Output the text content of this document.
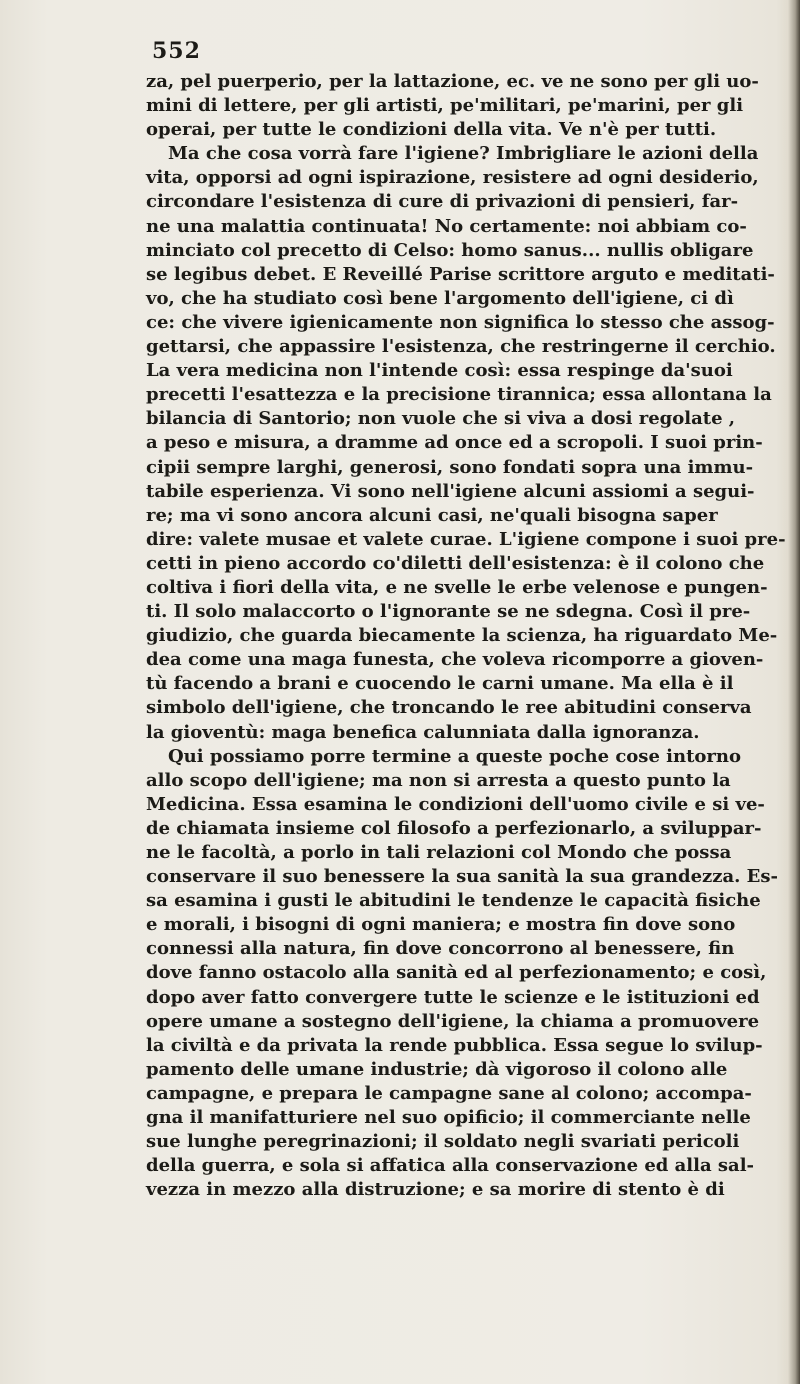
552
za, pel puerperio, per la lattazione, ec. ve ne sono per gli uo-
mini di lettere, per gli artisti, pe'militari, pe'marini, per gli
operai, per tutte le condizioni della vita. Ve n'è per tutti.
Ma che cosa vorrà fare l'igiene? Imbrigliare le azioni della
vita, opporsi ad ogni ispirazione, resistere ad ogni desiderio,
circondare l'esistenza di cure di privazioni di pensieri, far-
ne una malattia continuata! No certamente: noi abbiam co-
minciato col precetto di Celso: homo sanus... nullis obligare
se legibus debet. E Reveillé Parise scrittore arguto e meditati-
vo, che ha studiato così bene l'argomento dell'igiene, ci dì
ce: che vivere igienicamente non significa lo stesso che assog-
gettarsi, che appassire l'esistenza, che restringerne il cerchio.
La vera medicina non l'intende così: essa respinge da'suoi
precetti l'esattezza e la precisione tirannica; essa allontana la
bilancia di Santorio; non vuole che si viva a dosi regolate ,
a peso e misura, a dramme ad once ed a scropoli. I suoi prin-
cipii sempre larghi, generosi, sono fondati sopra una immu-
tabile esperienza. Vi sono nell'igiene alcuni assiomi a segui-
re; ma vi sono ancora alcuni casi, ne'quali bisogna saper
dire: valete musae et valete curae. L'igiene compone i suoi pre-
cetti in pieno accordo co'diletti dell'esistenza: è il colono che
coltiva i fiori della vita, e ne svelle le erbe velenose e pungen-
ti. Il solo malaccorto o l'ignorante se ne sdegna. Così il pre-
giudizio, che guarda biecamente la scienza, ha riguardato Me-
dea come una maga funesta, che voleva ricomporre a gioven-
tù facendo a brani e cuocendo le carni umane. Ma ella è il
simbolo dell'igiene, che troncando le ree abitudini conserva
la gioventù: maga benefica calunniata dalla ignoranza.
Qui possiamo porre termine a queste poche cose intorno
allo scopo dell'igiene; ma non si arresta a questo punto la
Medicina. Essa esamina le condizioni dell'uomo civile e si ve-
de chiamata insieme col filosofo a perfezionarlo, a sviluppar-
ne le facoltà, a porlo in tali relazioni col Mondo che possa
conservare il suo benessere la sua sanità la sua grandezza. Es-
sa esamina i gusti le abitudini le tendenze le capacità fisiche
e morali, i bisogni di ogni maniera; e mostra fin dove sono
connessi alla natura, fin dove concorrono al benessere, fin
dove fanno ostacolo alla sanità ed al perfezionamento; e così,
dopo aver fatto convergere tutte le scienze e le istituzioni ed
opere umane a sostegno dell'igiene, la chiama a promuovere
la civiltà e da privata la rende pubblica. Essa segue lo svilup-
pamento delle umane industrie; dà vigoroso il colono alle
campagne, e prepara le campagne sane al colono; accompa-
gna il manifatturiere nel suo opificio; il commerciante nelle
sue lunghe peregrinazioni; il soldato negli svariati pericoli
della guerra, e sola si affatica alla conservazione ed alla sal-
vezza in mezzo alla distruzione; e sa morire di stento è di
